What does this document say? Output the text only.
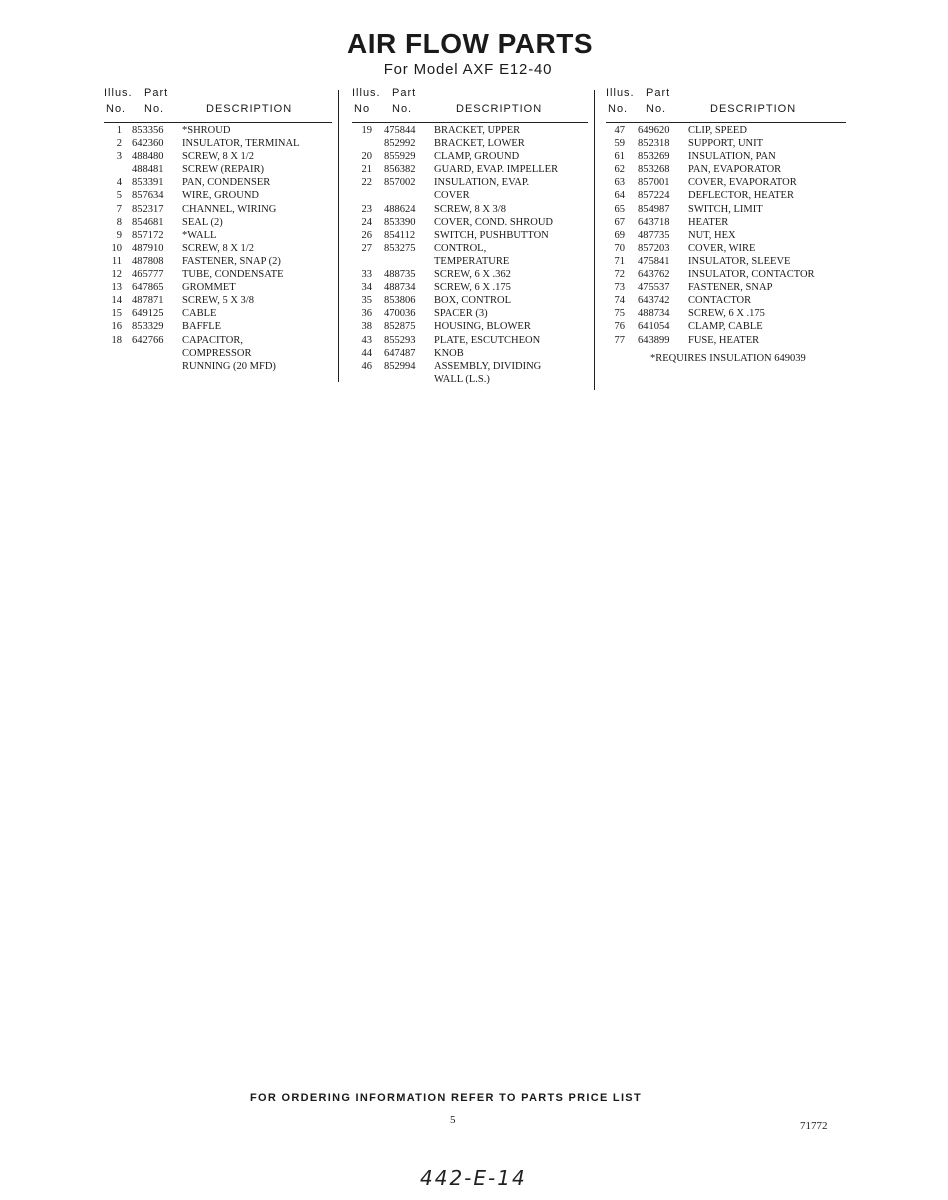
AIR FLOW PARTS
For Model AXF E12-40
Illus. Part
No. No.	DESCRIPTION
1 853356 *SHROUD
2 642360 INSULATOR, TERMINAL
3 488480 SCREW, 8 X 1/2
488481 SCREW (REPAIR)
4 853391 PAN, CONDENSER
5 857634 WIRE, GROUND
7 852317 CHANNEL, WIRING
8 854681 SEAL (2)
9 857172 *WALL
10 487910 SCREW, 8 X 1/2
11 487808 FASTENER, SNAP (2)
12 465777 TUBE, CONDENSATE
13 647865 GROMMET
14 487871 SCREW, 5 X 3/8
15 649125 CABLE
16 853329 BAFFLE
18 642766 CAPACITOR,
COMPRESSOR
RUNNING (20 MFD)
Illus. Part
No No.	DESCRIPTION
19 475844 BRACKET, UPPER
852992 BRACKET, LOWER
20 855929 CLAMP, GROUND
21 856382 GUARD, EVAP. IMPELLER
22 857002 INSULATION, EVAP.
COVER
23 488624 SCREW, 8 X 3/8
24 853390 COVER, COND. SHROUD
26 854112 SWITCH, PUSHBUTTON
27 853275 CONTROL,
TEMPERATURE
33 488735 SCREW, 6 X .362
34 488734 SCREW, 6 X .175
35 853806 BOX, CONTROL
36 470036 SPACER (3)
38 852875 HOUSING, BLOWER
43 855293 PLATE, ESCUTCHEON
44 647487 KNOB
46 852994 ASSEMBLY, DIVIDING
WALL (L.S.)
Illus. Part
No. No.	DESCRIPTION
47 649620 CLIP, SPEED
59 852318 SUPPORT, UNIT
61 853269 INSULATION, PAN
62 853268 PAN, EVAPORATOR
63 857001 COVER, EVAPORATOR
64 857224 DEFLECTOR, HEATER
65 854987 SWITCH, LIMIT
67 643718 HEATER
69 487735 NUT, HEX
70 857203 COVER, WIRE
71 475841 INSULATOR, SLEEVE
72 643762 INSULATOR, CONTACTOR
73 475537 FASTENER, SNAP
74 643742 CONTACTOR
75 488734 SCREW, 6 X .175
76 641054 CLAMP, CABLE
77 643899 FUSE, HEATER
*REQUIRES INSULATION 649039
FOR ORDERING INFORMATION REFER TO PARTS PRICE LIST
5	71772
442-E-14
